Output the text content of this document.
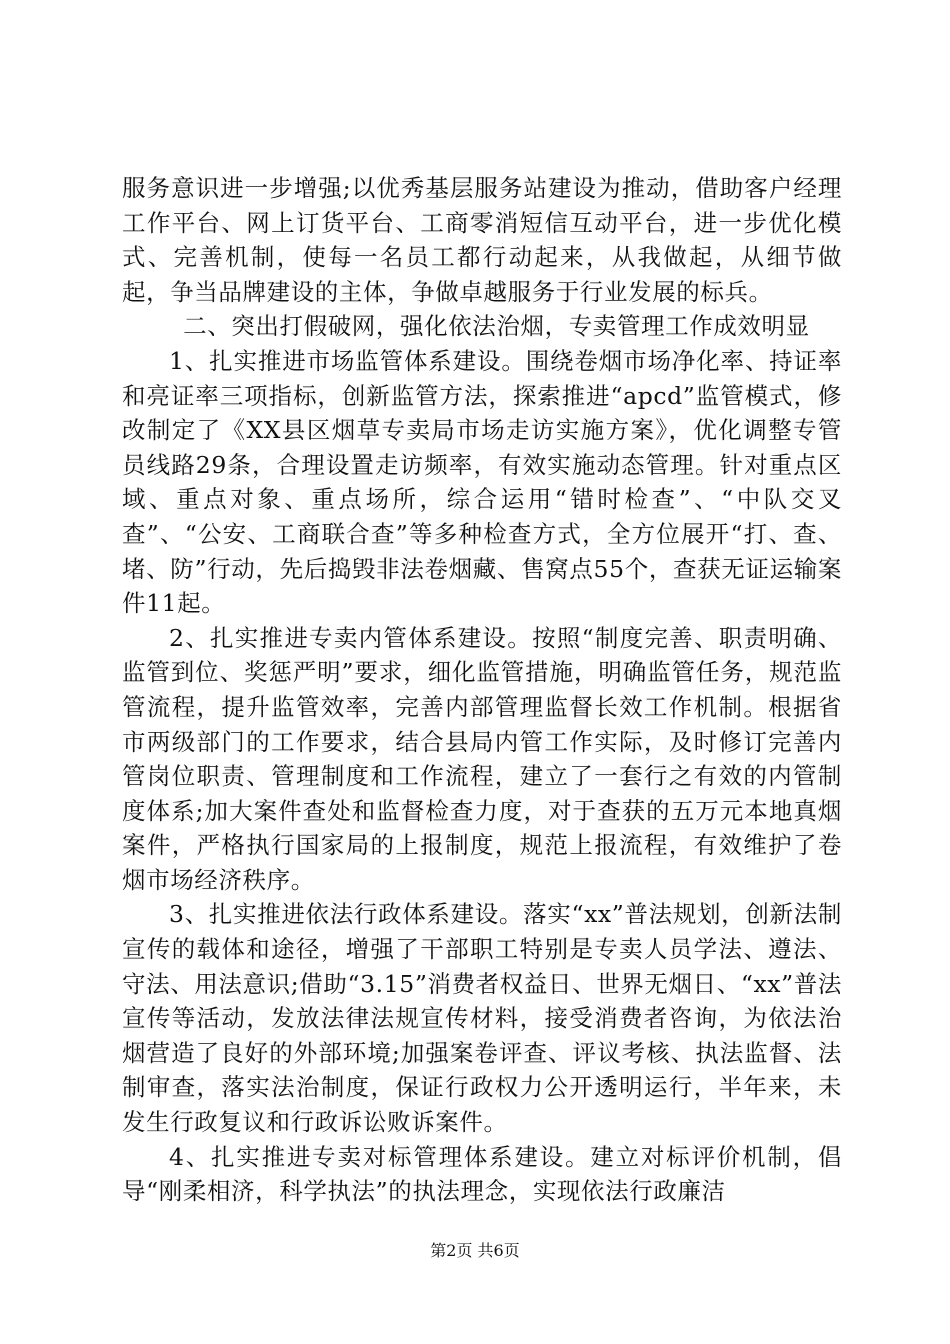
服务意识进一步增强;以优秀基层服务站建设为推动，借助客户经理工作平台、网上订货平台、工商零消短信互动平台，进一步优化模式、完善机制，使每一名员工都行动起来，从我做起，从细节做起，争当品牌建设的主体，争做卓越服务于行业发展的标兵。

二、突出打假破网，强化依法治烟，专卖管理工作成效明显

1、扎实推进市场监管体系建设。围绕卷烟市场净化率、持证率和亮证率三项指标，创新监管方法，探索推进“apcd”监管模式，修改制定了《XX县区烟草专卖局市场走访实施方案》，优化调整专管员线路29条，合理设置走访频率，有效实施动态管理。针对重点区域、重点对象、重点场所，综合运用“错时检查”、“中队交叉查”、“公安、工商联合查”等多种检查方式，全方位展开“打、查、堵、防”行动，先后捣毁非法卷烟藏、售窝点55个，查获无证运输案件11起。

2、扎实推进专卖内管体系建设。按照“制度完善、职责明确、监管到位、奖惩严明”要求，细化监管措施，明确监管任务，规范监管流程，提升监管效率，完善内部管理监督长效工作机制。根据省市两级部门的工作要求，结合县局内管工作实际，及时修订完善内管岗位职责、管理制度和工作流程，建立了一套行之有效的内管制度体系;加大案件查处和监督检查力度，对于查获的五万元本地真烟案件，严格执行国家局的上报制度，规范上报流程，有效维护了卷烟市场经济秩序。

3、扎实推进依法行政体系建设。落实“xx”普法规划，创新法制宣传的载体和途径，增强了干部职工特别是专卖人员学法、遵法、守法、用法意识;借助“3.15”消费者权益日、世界无烟日、“xx”普法宣传等活动，发放法律法规宣传材料，接受消费者咨询，为依法治烟营造了良好的外部环境;加强案卷评查、评议考核、执法监督、法制审查，落实法治制度，保证行政权力公开透明运行，半年来，未发生行政复议和行政诉讼败诉案件。

4、扎实推进专卖对标管理体系建设。建立对标评价机制，倡导“刚柔相济，科学执法”的执法理念，实现依法行政廉洁

第2页 共6页
